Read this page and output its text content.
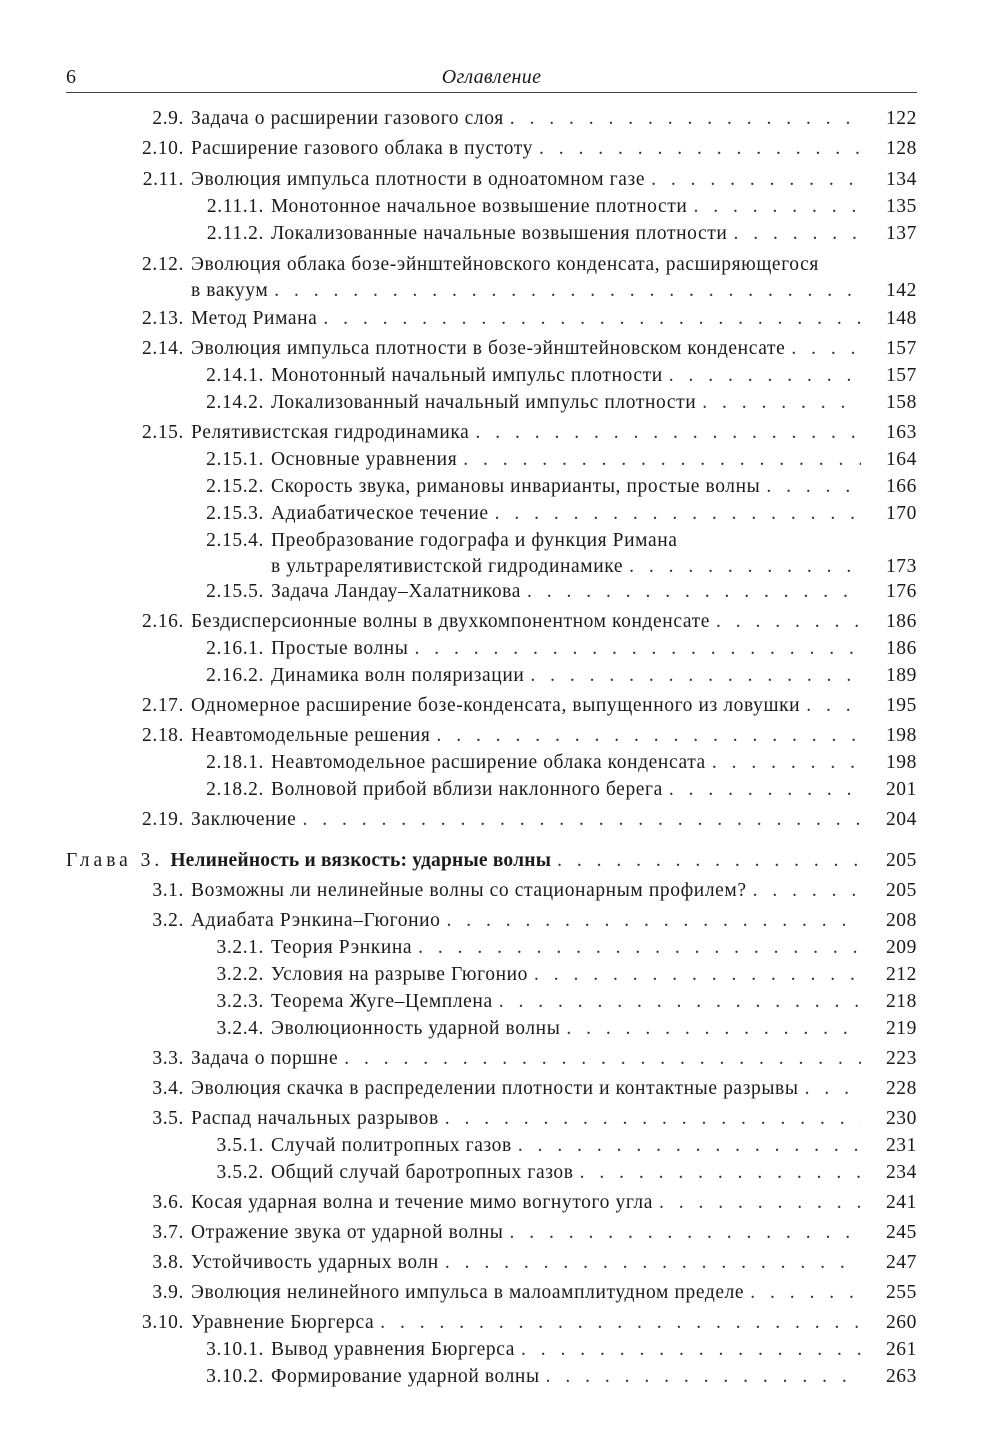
6	Оглавление
2.9. Задача о расширении газового слоя . . .	122
2.10. Расширение газового облака в пустоту . . .	128
2.11. Эволюция импульса плотности в одноатомном газе . . .	134
2.11.1. Монотонное начальное возвышение плотности . . .	135
2.11.2. Локализованные начальные возвышения плотности . . .	137
2.12. Эволюция облака бозе-эйнштейновского конденсата, расширяющегося
в вакуум . . .	142
2.13. Метод Римана . . .	148
2.14. Эволюция импульса плотности в бозе-эйнштейновском конденсате . . .	157
2.14.1. Монотонный начальный импульс плотности . . .	157
2.14.2. Локализованный начальный импульс плотности . . .	158
2.15. Релятивистская гидродинамика . . .	163
2.15.1. Основные уравнения . . .	164
2.15.2. Скорость звука, римановы инварианты, простые волны . . .	166
2.15.3. Адиабатическое течение . . .	170
2.15.4. Преобразование годографа и функция Римана
в ультрарелятивистской гидродинамике . . .	173
2.15.5. Задача Ландау–Халатникова . . .	176
2.16. Бездисперсионные волны в двухкомпонентном конденсате . . .	186
2.16.1. Простые волны . . .	186
2.16.2. Динамика волн поляризации . . .	189
2.17. Одномерное расширение бозе-конденсата, выпущенного из ловушки . . .	195
2.18. Неавтомодельные решения . . .	198
2.18.1. Неавтомодельное расширение облака конденсата . . .	198
2.18.2. Волновой прибой вблизи наклонного берега . . .	201
2.19. Заключение . . .	204
Глава 3. Нелинейность и вязкость: ударные волны . . .	205
3.1. Возможны ли нелинейные волны со стационарным профилем? . . .	205
3.2. Адиабата Рэнкина–Гюгонио . . .	208
3.2.1. Теория Рэнкина . . .	209
3.2.2. Условия на разрыве Гюгонио . . .	212
3.2.3. Теорема Жуге–Цемплена . . .	218
3.2.4. Эволюционность ударной волны . . .	219
3.3. Задача о поршне . . .	223
3.4. Эволюция скачка в распределении плотности и контактные разрывы . . .	228
3.5. Распад начальных разрывов . . .	230
3.5.1. Случай политропных газов . . .	231
3.5.2. Общий случай баротропных газов . . .	234
3.6. Косая ударная волна и течение мимо вогнутого угла . . .	241
3.7. Отражение звука от ударной волны . . .	245
3.8. Устойчивость ударных волн . . .	247
3.9. Эволюция нелинейного импульса в малоамплитудном пределе . . .	255
3.10. Уравнение Бюргерса . . .	260
3.10.1. Вывод уравнения Бюргерса . . .	261
3.10.2. Формирование ударной волны . . .	263
